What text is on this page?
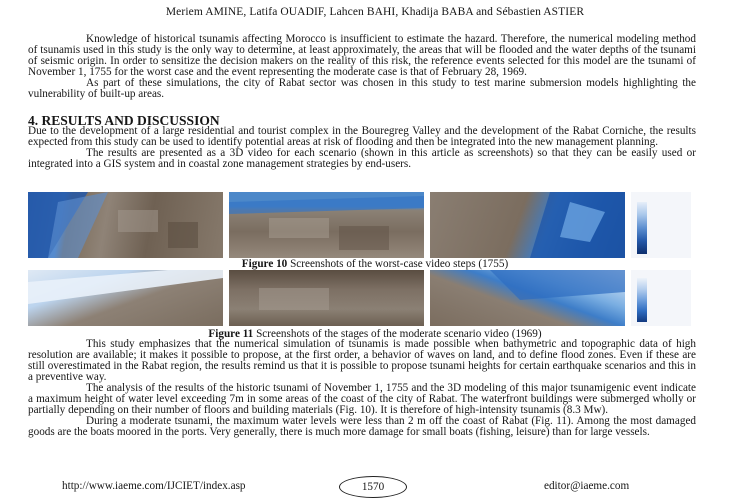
Meriem AMINE, Latifa OUADIF, Lahcen BAHI, Khadija BABA and Sébastien ASTIER
Knowledge of historical tsunamis affecting Morocco is insufficient to estimate the hazard. Therefore, the numerical modeling method of tsunamis used in this study is the only way to determine, at least approximately, the areas that will be flooded and the water depths of the tsunami of seismic origin. In order to sensitize the decision makers on the reality of this risk, the reference events selected for this model are the tsunami of November 1, 1755 for the worst case and the event representing the moderate case is that of February 28, 1969.
As part of these simulations, the city of Rabat sector was chosen in this study to test marine submersion models highlighting the vulnerability of built-up areas.
4. RESULTS AND DISCUSSION
Due to the development of a large residential and tourist complex in the Bouregreg Valley and the development of the Rabat Corniche, the results expected from this study can be used to identify potential areas at risk of flooding and then be integrated into the new management planning.
The results are presented as a 3D video for each scenario (shown in this article as screenshots) so that they can be easily used or integrated into a GIS system and in coastal zone management strategies by end-users.
Figure 10 Screenshots of the worst-case video steps (1755)
Figure 11 Screenshots of the stages of the moderate scenario video (1969)
This study emphasizes that the numerical simulation of tsunamis is made possible when bathymetric and topographic data of high resolution are available; it makes it possible to propose, at the first order, a behavior of waves on land, and to define flood zones. Even if these are still overestimated in the Rabat region, the results remind us that it is possible to propose tsunami heights for certain earthquake scenarios and this in a preventive way.
The analysis of the results of the historic tsunami of November 1, 1755 and the 3D modeling of this major tsunamigenic event indicate a maximum height of water level exceeding 7m in some areas of the coast of the city of Rabat. The waterfront buildings were submerged wholly or partially depending on their number of floors and building materials (Fig. 10). It is therefore of high-intensity tsunamis (8.3 Mw).
During a moderate tsunami, the maximum water levels were less than 2 m off the coast of Rabat (Fig. 11). Among the most damaged goods are the boats moored in the ports. Very generally, there is much more damage for small boats (fishing, leisure) than for large vessels.
http://www.iaeme.com/IJCIET/index.asp	1570	editor@iaeme.com
